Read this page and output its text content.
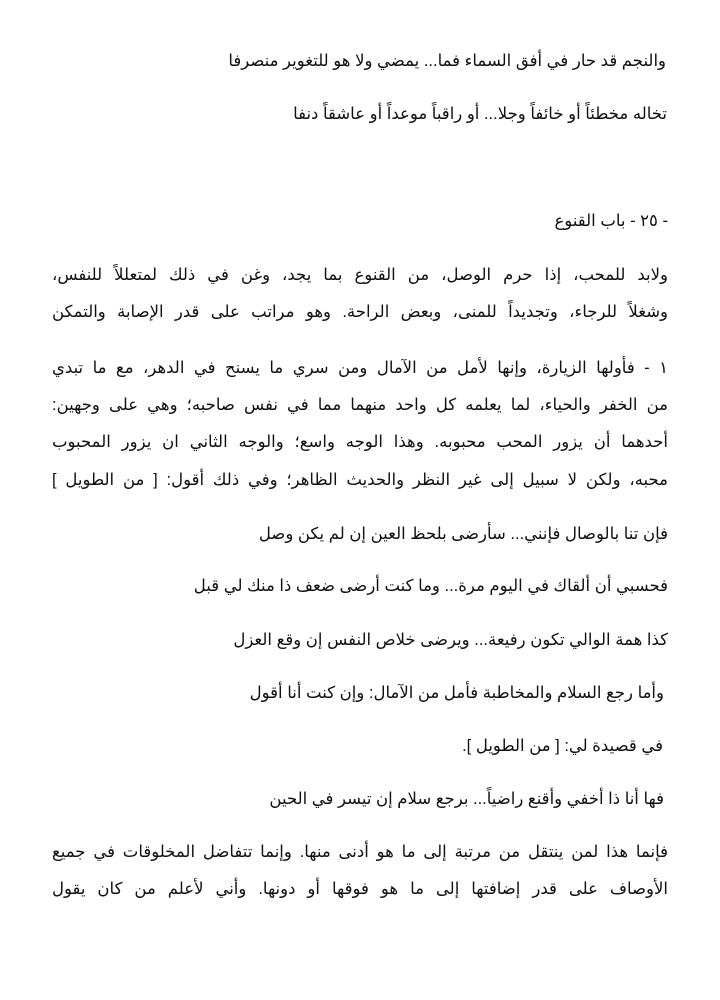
والنجم قد حار في أفق السماء فما... يمضي ولا هو للتغوير منصرفا
تخاله مخطئاً أو خائفاً وجلا... أو راقباً موعداً أو عاشقاً دنفا
- ٢٥ - باب القنوع
ولابد للمحب، إذا حرم الوصل، من القنوع بما يجد، وغن في ذلك لمتعللاً للنفس،
وشغلاً للرجاء، وتجديداً للمنى، وبعض الراحة. وهو مراتب على قدر الإصابة والتمكن
١ - فأولها الزيارة، وإنها لأمل من الآمال ومن سري ما يسنح في الدهر، مع ما تبدي
من الخفر والحياء، لما يعلمه كل واحد منهما مما في نفس صاحبه؛ وهي على وجهين:
أحدهما أن يزور المحب محبوبه. وهذا الوجه واسع؛ والوجه الثاني ان يزور المحبوب
محبه، ولكن لا سبيل إلى غير النظر والحديث الظاهر؛ وفي ذلك أقول: [ من الطويل ]
فإن تنا بالوصال فإنني... سأرضى بلحظ العين إن لم يكن وصل
فحسبي أن ألقاك في اليوم مرة... وما كنت أرضى ضعف ذا منك لي قبل
كذا همة الوالي تكون رفيعة... ويرضى خلاص النفس إن وقع العزل
وأما رجع السلام والمخاطبة فأمل من الآمال: وإن كنت أنا أقول
في قصيدة لي: [ من الطويل ].
فها أنا ذا أخفي وأقنع راضياً... برجع سلام إن تيسر في الحين
فإنما هذا لمن ينتقل من مرتبة إلى ما هو أدنى منها. وإنما تتفاضل المخلوقات في جميع
الأوصاف على قدر إضافتها إلى ما هو فوقها أو دونها. وأني لأعلم من كان يقول
